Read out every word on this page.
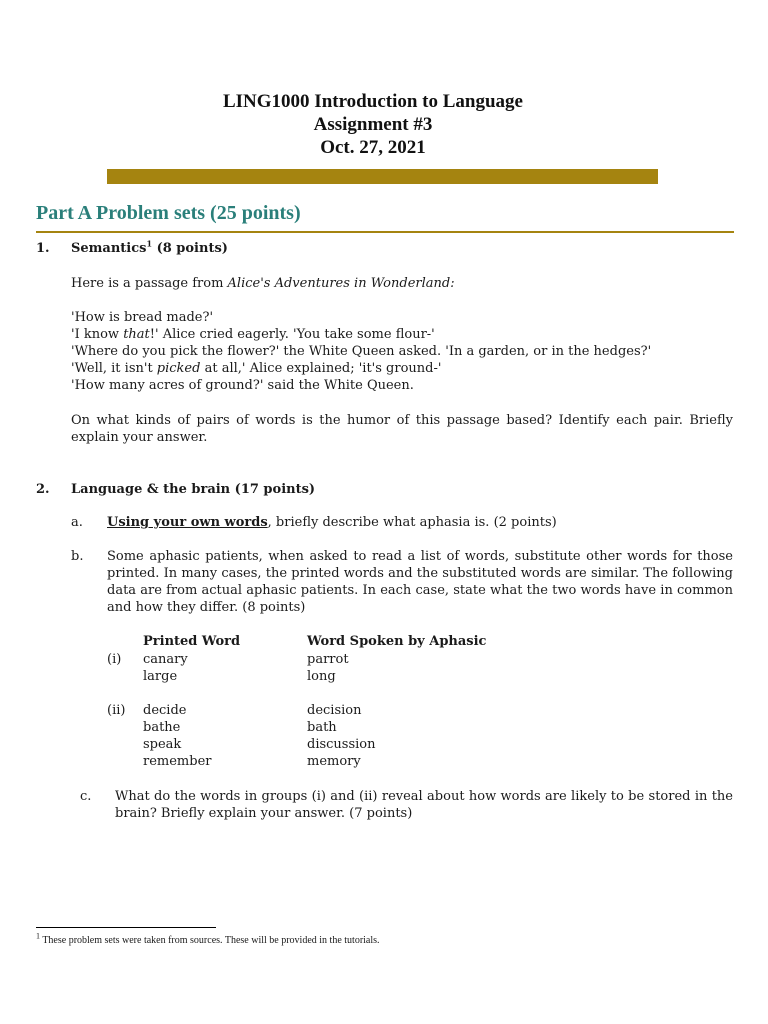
LING1000 Introduction to Language
Assignment #3
Oct. 27, 2021
Part A Problem sets (25 points)
1. Semantics$^1$ (8 points)
Here is a passage from Alice's Adventures in Wonderland:
'How is bread made?'
'I know that!' Alice cried eagerly. 'You take some flour-'
'Where do you pick the flower?' the White Queen asked. 'In a garden, or in the hedges?'
'Well, it isn't picked at all,' Alice explained; 'it's ground-'
'How many acres of ground?' said the White Queen.
On what kinds of pairs of words is the humor of this passage based? Identify each pair. Briefly explain your answer.
2. Language & the brain (17 points)
a. Using your own words, briefly describe what aphasia is. (2 points)
b. Some aphasic patients, when asked to read a list of words, substitute other words for those printed. In many cases, the printed words and the substituted words are similar. The following data are from actual aphasic patients. In each case, state what the two words have in common and how they differ. (8 points)
Printed Word	Word Spoken by Aphasic
(i) canary	parrot
large	long
(ii) decide	decision
bathe	bath
speak	discussion
remember	memory
c. What do the words in groups (i) and (ii) reveal about how words are likely to be stored in the brain? Briefly explain your answer. (7 points)
$^1$ These problem sets were taken from sources. These will be provided in the tutorials.
